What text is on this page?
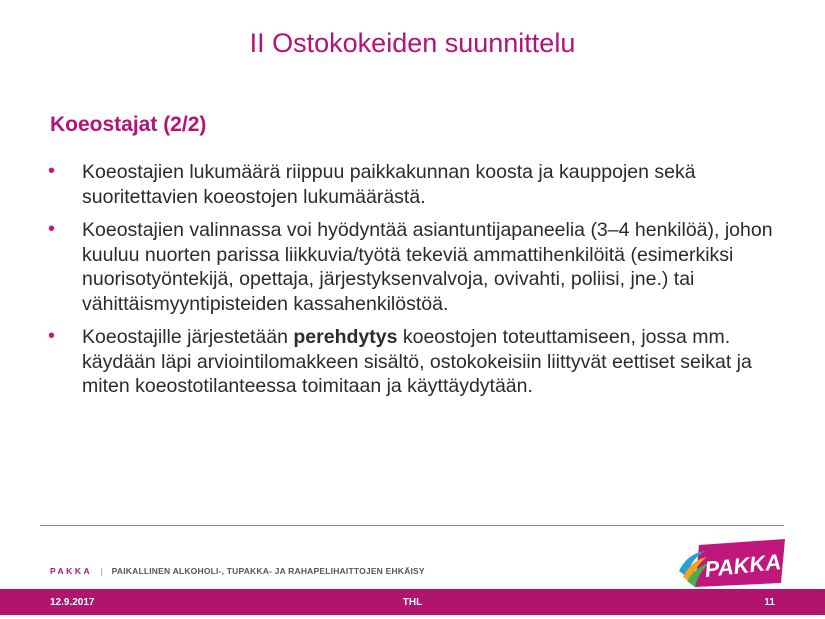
II Ostokokeiden suunnittelu
Koeostajat (2/2)
• Koeostajien lukumäärä riippuu paikkakunnan koosta ja kauppojen sekä suoritettavien koeostojen lukumäärästä.
• Koeostajien valinnassa voi hyödyntää asiantuntijapaneelia (3–4 henkilöä), johon kuuluu nuorten parissa liikkuvia/työtä tekeviä ammattihenkilöitä (esimerkiksi nuorisotyöntekijä, opettaja, järjestyksenvalvoja, ovivahti, poliisi, jne.) tai vähittäismyyntipisteiden kassahenkilöstöä.
• Koeostajille järjestetään perehdytys koeostojen toteuttamiseen, jossa mm. käydään läpi arviointilomakkeen sisältö, ostokokeisiin liittyvät eettiset seikat ja miten koeostotilanteessa toimitaan ja käyttäydytään.
PAKKA | PAIKALLINEN ALKOHOLI-, TUPAKKA- JA RAHAPELIHAITTOJEN EHKÄISY	PAKKA
12.9.2017	THL	11
